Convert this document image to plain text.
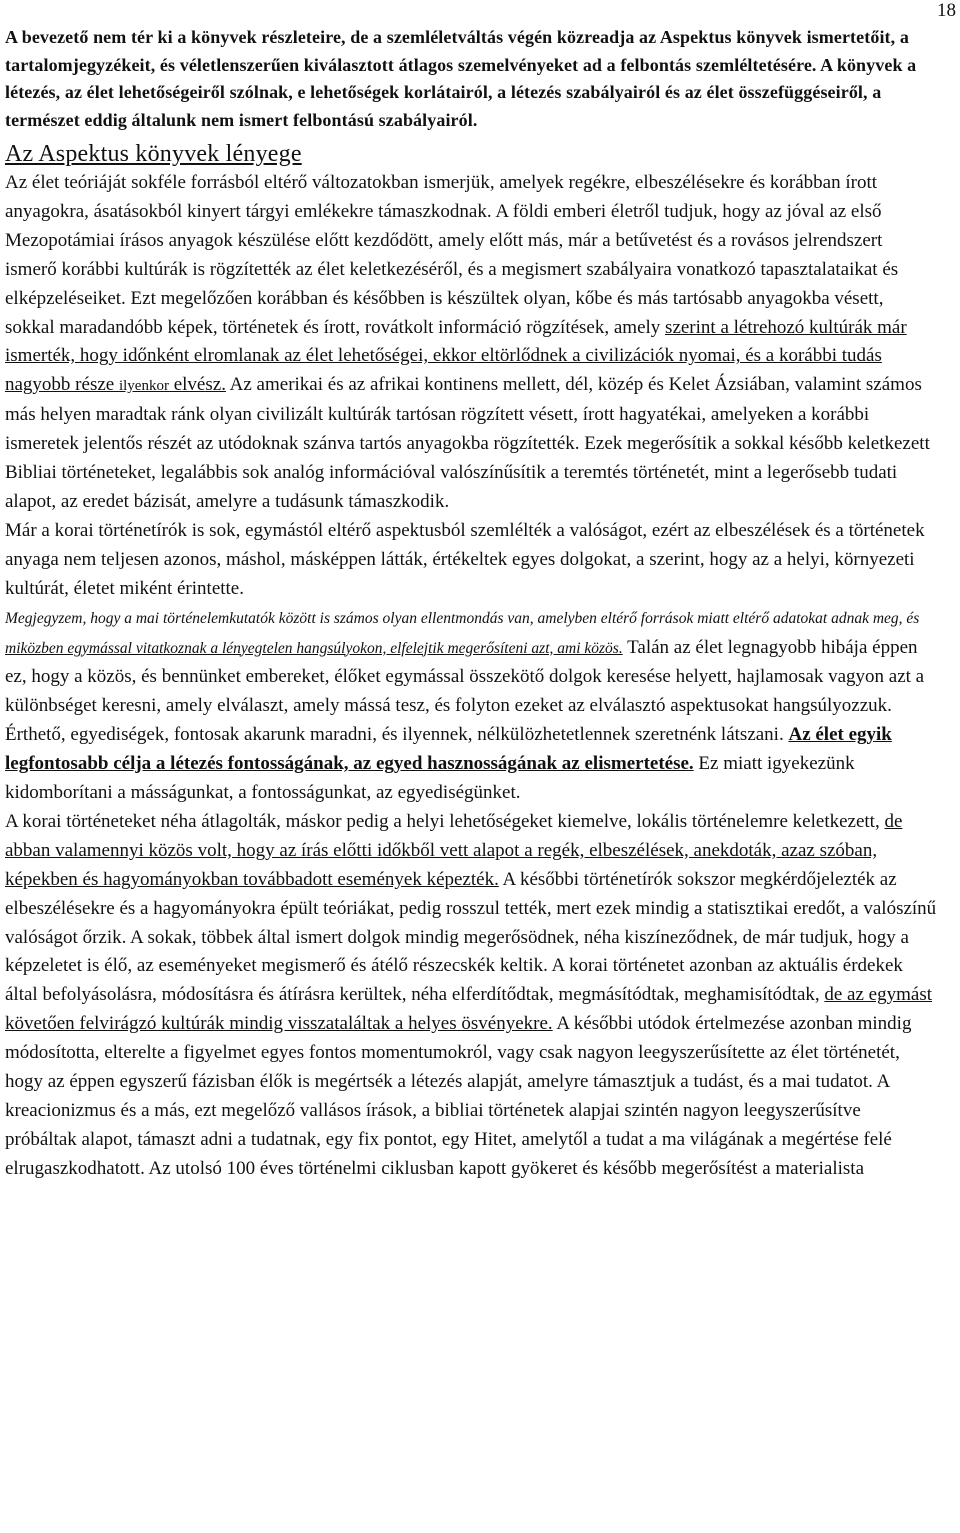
18

A bevezető nem tér ki a könyvek részleteire, de a szemléletváltás végén közreadja az Aspektus könyvek ismertetőit, a tartalomjegyzékeit, és véletlenszerűen kiválasztott átlagos szemelvényeket ad a felbontás szemléltetésére. A könyvek a létezés, az élet lehetőségeiről szólnak, e lehetőségek korlátairól, a létezés szabályairól és az élet összefüggéseiről, a természet eddig általunk nem ismert felbontású szabályairól.

Az Aspektus könyvek lényege

Az élet teóriáját sokféle forrásból eltérő változatokban ismerjük, amelyek regékre, elbeszélésekre és korábban írott anyagokra, ásatásokból kinyert tárgyi emlékekre támaszkodnak. A földi emberi életről tudjuk, hogy az jóval az első Mezopotámiai írásos anyagok készülése előtt kezdődött, amely előtt más, már a betűvetést és a rovásos jelrendszert ismerő korábbi kultúrák is rögzítették az élet keletkezéséről, és a megismert szabályaira vonatkozó tapasztalataikat és elképzeléseiket. Ezt megelőzően korábban és későbben is készültek olyan, kőbe és más tartósabb anyagokba vésett, sokkal maradandóbb képek, történetek és írott, rovátkolt információ rögzítések, amely szerint a létrehozó kultúrák már ismerték, hogy időnként elromlanak az élet lehetőségei, ekkor eltörlődnek a civilizációk nyomai, és a korábbi tudás nagyobb része ilyenkor elvész. Az amerikai és az afrikai kontinens mellett, dél, közép és Kelet Ázsiában, valamint számos más helyen maradtak ránk olyan civilizált kultúrák tartósan rögzített vésett, írott hagyatékai, amelyeken a korábbi ismeretek jelentős részét az utódoknak szánva tartós anyagokba rögzítették. Ezek megerősítik a sokkal később keletkezett Bibliai történeteket, legalábbis sok analóg információval valószínűsítik a teremtés történetét, mint a legerősebb tudati alapot, az eredet bázisát, amelyre a tudásunk támaszkodik.

Már a korai történetírók is sok, egymástól eltérő aspektusból szemlélték a valóságot, ezért az elbeszélések és a történetek anyaga nem teljesen azonos, máshol, másképpen látták, értékeltek egyes dolgokat, a szerint, hogy az a helyi, környezeti kultúrát, életet miként érintette.
Megjegyzem, hogy a mai történelemkutatók között is számos olyan ellentmondás van, amelyben eltérő források miatt eltérő adatokat adnak meg, és miközben egymással vitatkoznak a lényegtelen hangsúlyokon, elfelejtik megerősíteni azt, ami közös. Talán az élet legnagyobb hibája éppen ez, hogy a közös, és bennünket embereket, élőket egymással összekötő dolgok keresése helyett, hajlamosak vagyon azt a különbséget keresni, amely elválaszt, amely mássá tesz, és folyton ezeket az elválasztó aspektusokat hangsúlyozzuk. Érthető, egyediségek, fontosak akarunk maradni, és ilyennek, nélkülözhetetlennek szeretnénk látszani. Az élet egyik legfontosabb célja a létezés fontosságának, az egyed hasznosságának az elismertetése. Ez miatt igyekezünk kidomborítani a másságunkat, a fontosságunkat, az egyediségünket.

A korai történeteket néha átlagolták, máskor pedig a helyi lehetőségeket kiemelve, lokális történelemre keletkezett, de abban valamennyi közös volt, hogy az írás előtti időkből vett alapot a regék, elbeszélések, anekdoták, azaz szóban, képekben és hagyományokban továbbadott események képezték. A későbbi történetírók sokszor megkérdőjelezték az elbeszélésekre és a hagyományokra épült teóriákat, pedig rosszul tették, mert ezek mindig a statisztikai eredőt, a valószínű valóságot őrzik. A sokak, többek által ismert dolgok mindig megerősödnek, néha kiszíneződnek, de már tudjuk, hogy a képzeletet is élő, az eseményeket megismerő és átélő részecskék keltik. A korai történetet azonban az aktuális érdekek által befolyásolásra, módosításra és átírásra kerültek, néha elferdítődtak, megmásítódtak, meghamisítódtak, de az egymást követően felvirágzó kultúrák mindig visszataláltak a helyes ösvényekre. A későbbi utódok értelmezése azonban mindig módosította, elterelte a figyelmet egyes fontos momentumokról, vagy csak nagyon leegyszerűsítette az élet történetét, hogy az éppen egyszerű fázisban élők is megértsék a létezés alapját, amelyre támasztjuk a tudást, és a mai tudatot. A kreacionizmus és a más, ezt megelőző vallásos írások, a bibliai történetek alapjai szintén nagyon leegyszerűsítve próbáltak alapot, támaszt adni a tudatnak, egy fix pontot, egy Hitet, amelytől a tudat a ma világának a megértése felé elrugaszkodhatott. Az utolsó 100 éves történelmi ciklusban kapott gyökeret és később megerősítést a materialista
